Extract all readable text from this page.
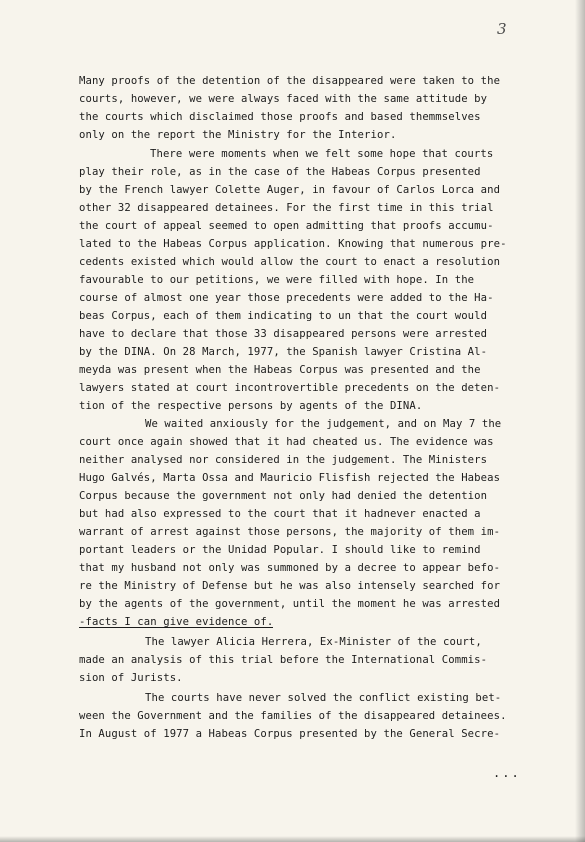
3

Many proofs of the detention of the disappeared were taken to the

courts, however, we were always faced with the same attitude by

the courts which disclaimed those proofs and based themmselves

only on the report the Ministry for the Interior.

There were moments when we felt some hope that courts

play their role, as in the case of the Habeas Corpus presented

by the French lawyer Colette Auger, in favour of Carlos Lorca and

other 32 disappeared detainees. For the first time in this trial

the court of appeal seemed to open admitting that proofs accumu-

lated to the Habeas Corpus application. Knowing that numerous pre-

cedents existed which would allow the court to enact a resolution

favourable to our petitions, we were filled with hope. In the

course of almost one year those precedents were added to the Ha-

beas Corpus, each of them indicating to un that the court would

have to declare that those 33 disappeared persons were arrested

by the DINA. On 28 March, 1977, the Spanish lawyer Cristina Al-

meyda was present when the Habeas Corpus was presented and the

lawyers stated at court incontrovertible precedents on the deten-

tion of the respective persons by agents of the DINA.

We waited anxiously for the judgement, and on May 7 the

court once again showed that it had cheated us. The evidence was

neither analysed nor considered in the judgement. The Ministers

Hugo Galvés, Marta Ossa and Mauricio Flisfish rejected the Habeas

Corpus because the government not only had denied the detention

but had also expressed to the court that it hadnever enacted a

warrant of arrest against those persons, the majority of them im-

portant leaders or the Unidad Popular. I should like to remind

that my husband not only was summoned by a decree to appear befo-

re the Ministry of Defense but he was also intensely searched for

by the agents of the government, until the moment he was arrested

-facts I can give evidence of.

The lawyer Alicia Herrera, Ex-Minister of the court,

made an analysis of this trial before the International Commis-

sion of Jurists.

The courts have never solved the conflict existing bet-

ween the Government and the families of the disappeared detainees.

In August of 1977 a Habeas Corpus presented by the General Secre-

...
